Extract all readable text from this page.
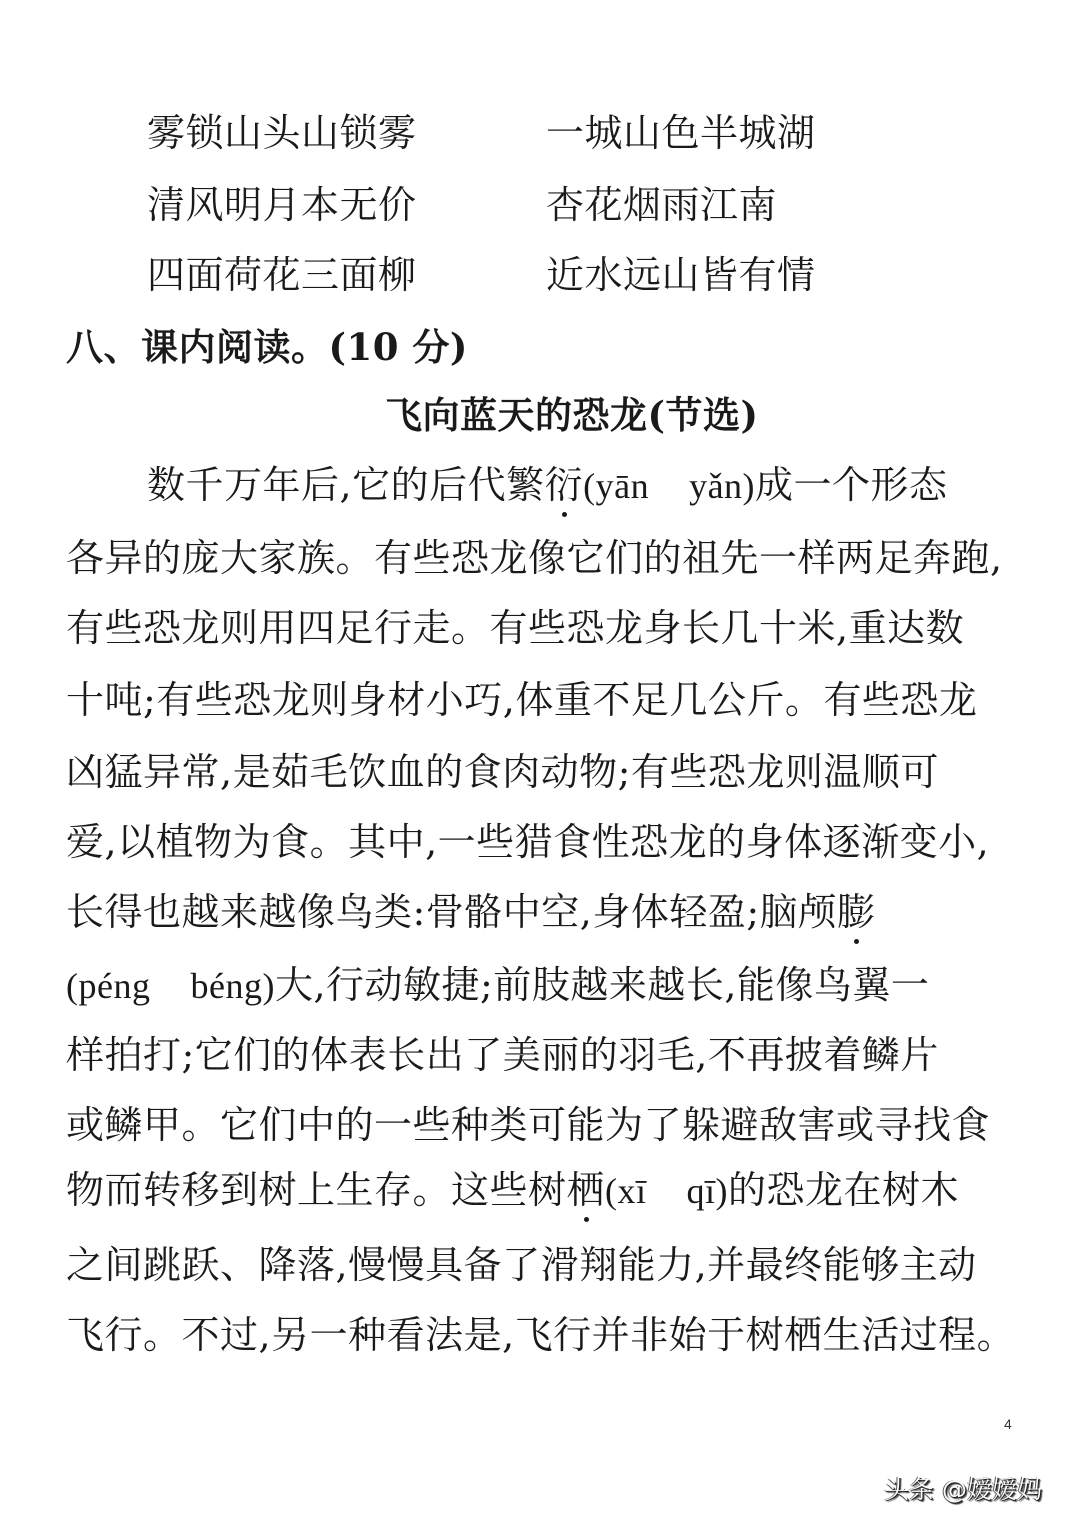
雾锁山头山锁雾	一城山色半城湖
清风明月本无价	杏花烟雨江南
四面荷花三面柳	近水远山皆有情
八、课内阅读。(10 分)
飞向蓝天的恐龙(节选)
数千万年后,它的后代繁衍(yān yǎn)成一个形态
各异的庞大家族。有些恐龙像它们的祖先一样两足奔跑,
有些恐龙则用四足行走。有些恐龙身长几十米,重达数
十吨;有些恐龙则身材小巧,体重不足几公斤。有些恐龙
凶猛异常,是茹毛饮血的食肉动物;有些恐龙则温顺可
爱,以植物为食。其中,一些猎食性恐龙的身体逐渐变小,
长得也越来越像鸟类:骨骼中空,身体轻盈;脑颅膨
(péng béng)大,行动敏捷;前肢越来越长,能像鸟翼一
样拍打;它们的体表长出了美丽的羽毛,不再披着鳞片
或鳞甲。它们中的一些种类可能为了躲避敌害或寻找食
物而转移到树上生存。这些树栖(xī qī)的恐龙在树木
之间跳跃、降落,慢慢具备了滑翔能力,并最终能够主动
飞行。不过,另一种看法是,飞行并非始于树栖生活过程。
4
头条 @嫒嫒妈
